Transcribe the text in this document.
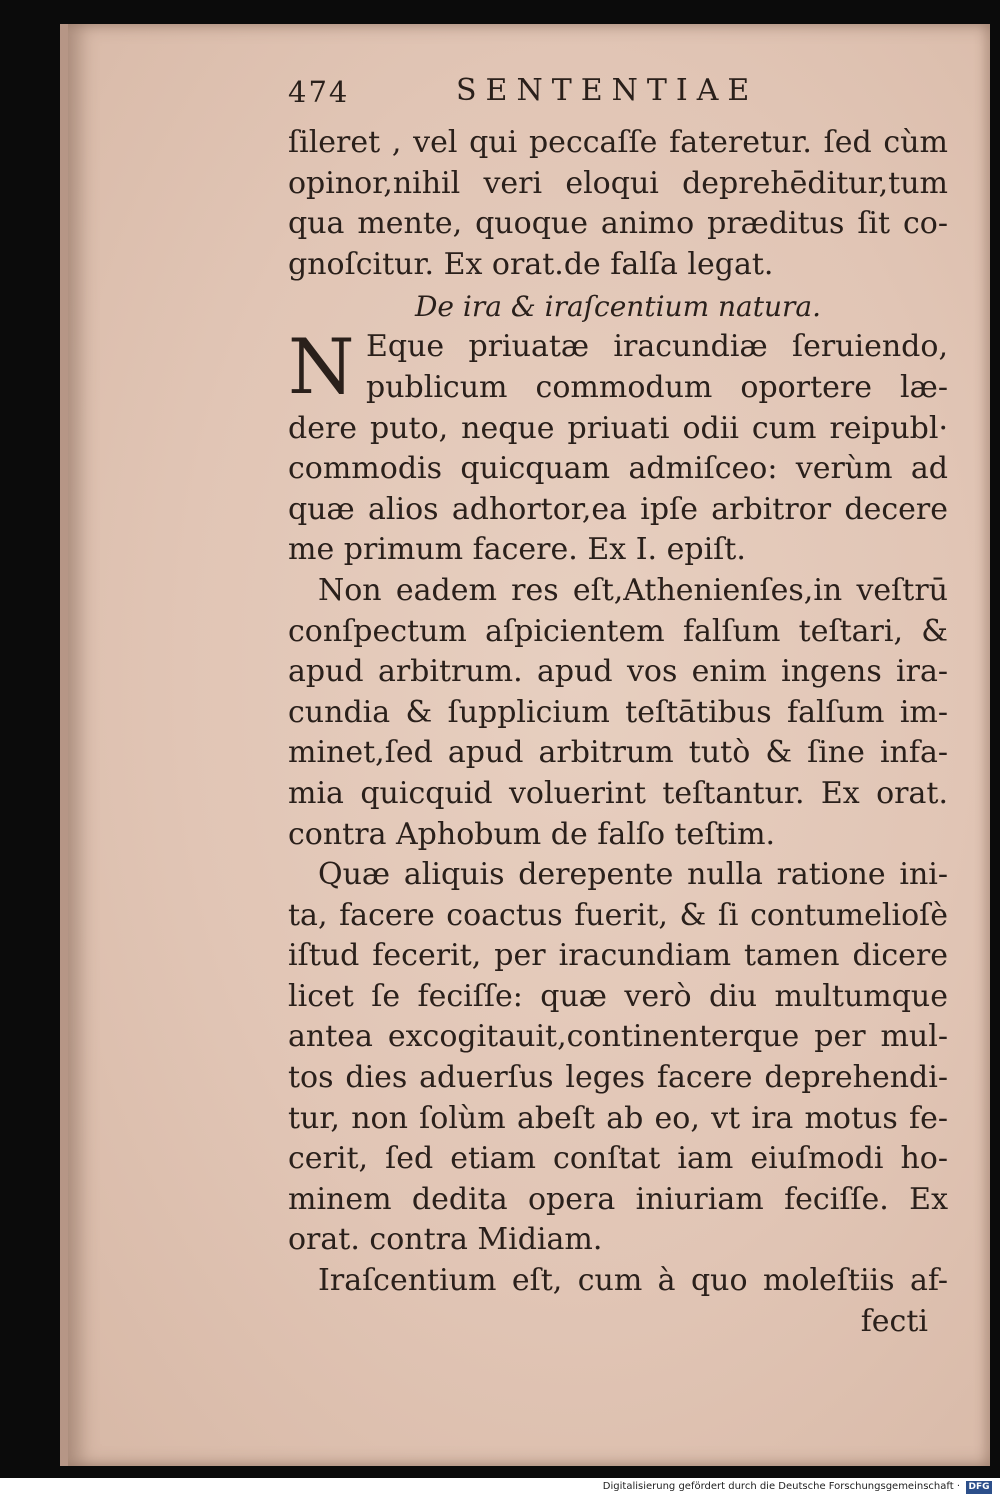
474	SENTENTIAE
ſileret , vel qui peccaſſe fateretur. ſed cùm
opinor,nihil veri eloqui deprehēditur,tum
qua mente, quoque animo prӕditus ſit co-
gnoſcitur. Ex orat.de falſa legat.
De ira & iraſcentium natura.
N Eque priuatӕ iracundiӕ ſeruiendo,
publicum commodum oportere lӕ-
dere puto, neque priuati odii cum reipubl·
commodis quicquam admiſceo: verùm ad
quӕ alios adhortor,ea ipſe arbitror decere
me primum facere. Ex I. epiſt.
Non eadem res eſt,Athenienſes,in veſtrū
conſpectum aſpicientem falſum teſtari, &
apud arbitrum. apud vos enim ingens ira-
cundia & ſupplicium teſtātibus falſum im-
minet,ſed apud arbitrum tutò & ſine infa-
mia quicquid voluerint teſtantur. Ex orat.
contra Aphobum de falſo teſtim.
Quӕ aliquis derepente nulla ratione ini-
ta, facere coactus fuerit, & ſi contumelioſè
iſtud fecerit, per iracundiam tamen dicere
licet ſe feciſſe: quӕ verò diu multumque
antea excogitauit,continenterque per mul-
tos dies aduerſus leges facere deprehendi-
tur, non ſolùm abeſt ab eo, vt ira motus fe-
cerit, ſed etiam conſtat iam eiuſmodi ho-
minem dedita opera iniuriam feciſſe. Ex
orat. contra Midiam.
Iraſcentium eſt, cum à quo moleſtiis af-
fecti
Digitalisierung gefördert durch die Deutsche Forschungsgemeinschaft · DFG
